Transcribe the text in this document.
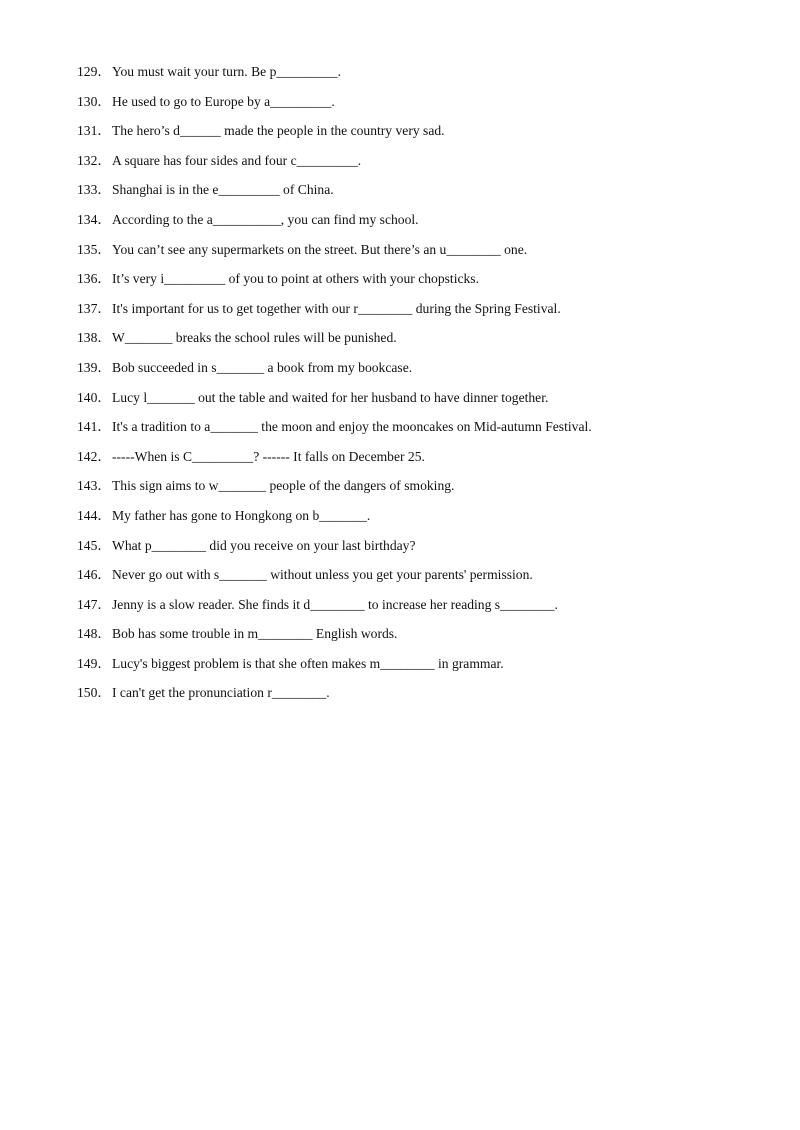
129．You must wait your turn. Be p_________.
130．He used to go to Europe by a_________.
131．The hero’s d______ made the people in the country very sad.
132．A square has four sides and four c_________.
133．Shanghai is in the e_________ of China.
134．According to the a__________, you can find my school.
135．You can’t see any supermarkets on the street. But there’s an u________ one.
136．It’s very i_________ of you to point at others with your chopsticks.
137．It's important for us to get together with our r________ during the Spring Festival.
138．W_______ breaks the school rules will be punished.
139．Bob succeeded in s_______ a book from my bookcase.
140．Lucy l_______ out the table and waited for her husband to have dinner together.
141．It's a tradition to a_______ the moon and enjoy the mooncakes on Mid-autumn Festival.
142．-----When is C_________? ------ It falls on December 25.
143．This sign aims to w_______ people of the dangers of smoking.
144．My father has gone to Hongkong on b_______.
145．What p________ did you receive on your last birthday?
146．Never go out with s_______ without unless you get your parents' permission.
147．Jenny is a slow reader. She finds it d________ to increase her reading s________.
148．Bob has some trouble in m________ English words.
149．Lucy's biggest problem is that she often makes m________ in grammar.
150．I can't get the pronunciation r________.
